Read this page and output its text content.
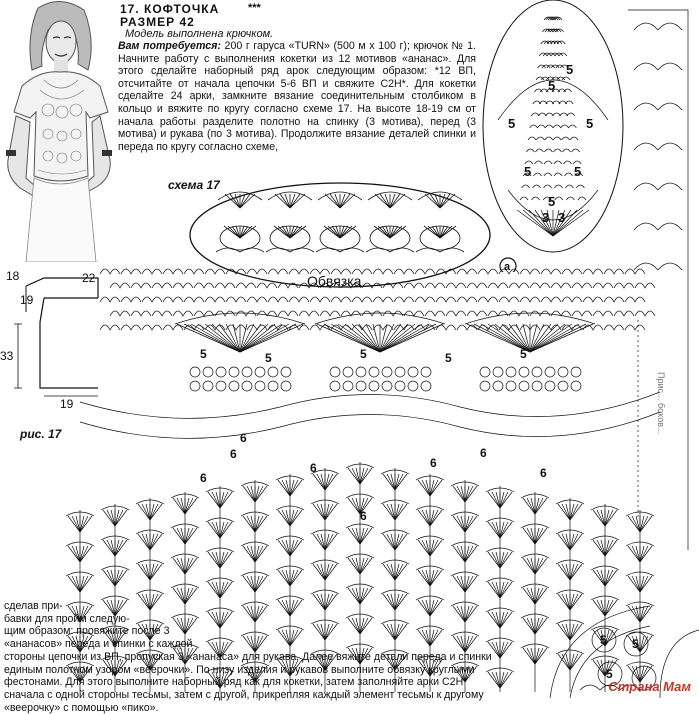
17. КОФТОЧКА	***
РАЗМЕР 42
Модель выполнена крючком.
Вам потребуется: 200 г гаруса «TURN» (500 м х 100 г); крючок № 1. Начните работу с выполнения кокетки из 12 мотивов «ананас». Для этого сделайте наборный ряд арок следующим образом: *12 ВП, отсчитайте от начала цепочки 5-6 ВП и свяжите С2Н*. Для кокетки сделайте 24 арки, замкните вязание соединительным столбиком в кольцо и вяжите по кругу согласно схеме 17. На высоте 18-19 см от начала работы разделите полотно на спинку (3 мотива), перед (3 мотива) и рукава (по 3 мотива). Продолжите вязание деталей спинки и переда по кругу согласно схеме,
схема 17
Обвязка
5
5	5
5	5
5
3 3
5
а
Прис... боков...
18	22
19
33
19
рис. 17
5	5	5	5	5
6
6
6
6
6
6
6	6
5 5
5
сделав при-
бавки для пройм следую-
щим образом: провяжите после 3
«ананасов» переда и спинки с каждой
стороны цепочки из ВП, пропуская 3 «ананаса» для рукава. Далее вяжите детали переда и спинки
единым полотном узором «веерочки». По низу изделия и рукавов выполните обвязку круглыми
фестонами. Для этого выполните наборный ряд как для кокетки, затем заполняйте арки С2Н
сначала с одной стороны тесьмы, затем с другой, прикрепляя каждый элемент тесьмы к другому
«веерочку» с помощью «пико».
Страна Мам
